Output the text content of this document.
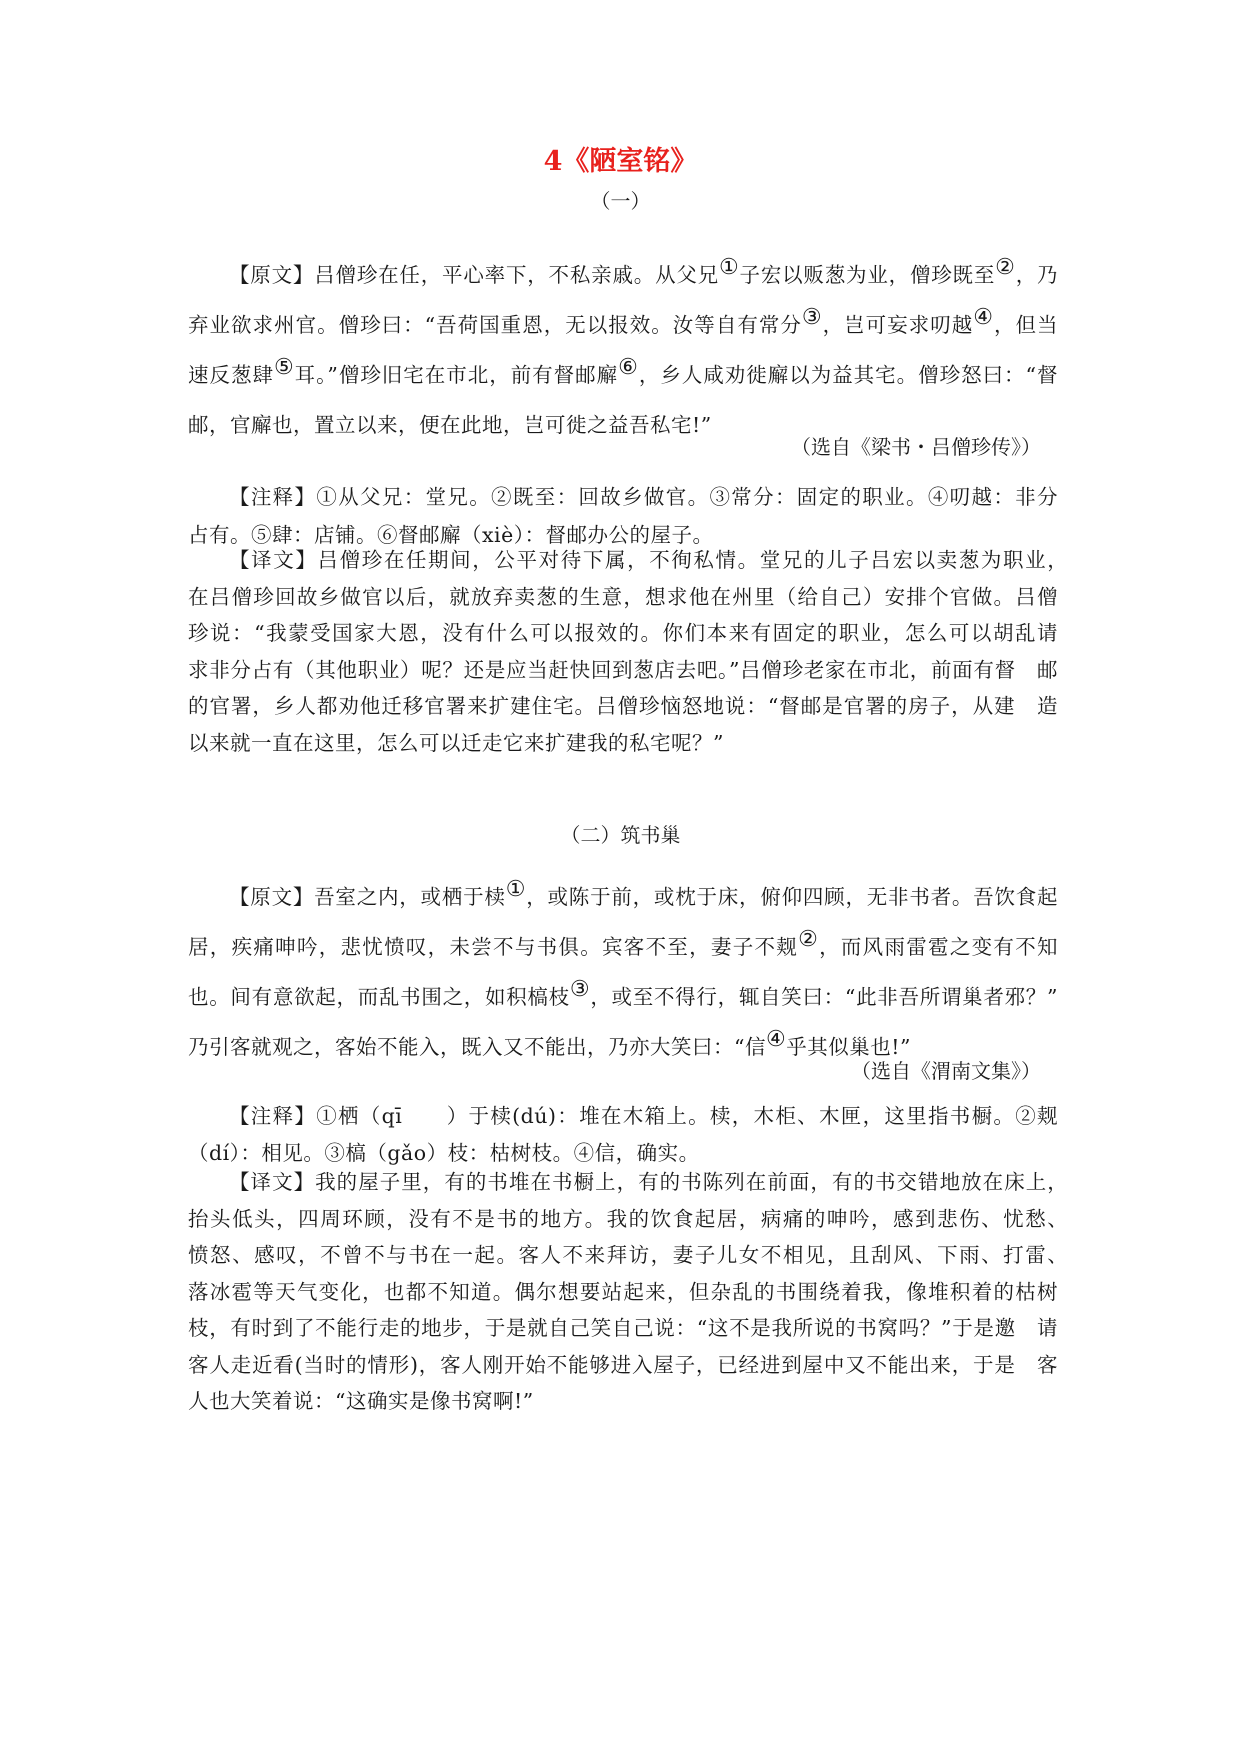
4《陋室铭》
（一）
【原文】吕僧珍在任，平心率下，不私亲戚。从父兄①子宏以贩葱为业，僧珍既至②，乃弃业欲求州官。僧珍曰：“吾荷国重恩，无以报效。汝等自有常分③，岂可妄求叨越④，但当速反葱肆⑤耳。”僧珍旧宅在市北，前有督邮廨⑥，乡人咸劝徙廨以为益其宅。僧珍怒曰：“督 邮，官廨也，置立以来，便在此地，岂可徙之益吾私宅!”
（选自《梁书・吕僧珍传》）
【注释】①从父兄：堂兄。②既至：回故乡做官。③常分：固定的职业。④叨越：非分　占有。⑤肆：店铺。⑥督邮廨（xiè）：督邮办公的屋子。
【译文】吕僧珍在任期间，公平对待下属，不徇私情。堂兄的儿子吕宏以卖葱为职业，　在吕僧珍回故乡做官以后，就放弃卖葱的生意，想求他在州里（给自己）安排个官做。吕僧　珍说：“我蒙受国家大恩，没有什么可以报效的。你们本来有固定的职业，怎么可以胡乱请　求非分占有（其他职业）呢？还是应当赶快回到葱店去吧。”吕僧珍老家在市北，前面有督　邮的官署，乡人都劝他迁移官署来扩建住宅。吕僧珍恼怒地说：“督邮是官署的房子，从建　造以来就一直在这里，怎么可以迁走它来扩建我的私宅呢？”
（二）筑书巢
【原文】吾室之内，或栖于椟①，或陈于前，或枕于床，俯仰四顾，无非书者。吾饮食起居，疾痛呻吟，悲忧愤叹，未尝不与书俱。宾客不至，妻子不觌②，而风雨雷雹之变有不知也。间有意欲起，而乱书围之，如积槁枝③，或至不得行，辄自笑曰：“此非吾所谓巢者邪？”　乃引客就观之，客始不能入，既入又不能出，乃亦大笑曰：“信④乎其似巢也!”
（选自《渭南文集》）
【注释】①栖（qī　　）于椟(dú)：堆在木箱上。椟，木柜、木匣，这里指书橱。②觌（dí）：相见。③槁（gǎo）枝：枯树枝。④信，确实。
【译文】我的屋子里，有的书堆在书橱上，有的书陈列在前面，有的书交错地放在床上，　抬头低头，四周环顾，没有不是书的地方。我的饮食起居，病痛的呻吟，感到悲伤、忧愁、　愤怒、感叹，不曾不与书在一起。客人不来拜访，妻子儿女不相见，且刮风、下雨、打雷、　落冰雹等天气变化，也都不知道。偶尔想要站起来，但杂乱的书围绕着我，像堆积着的枯树　枝，有时到了不能行走的地步，于是就自己笑自己说：“这不是我所说的书窝吗？”于是邀　请客人走近看(当时的情形)，客人刚开始不能够进入屋子，已经进到屋中又不能出来，于是　客人也大笑着说：“这确实是像书窝啊!”
